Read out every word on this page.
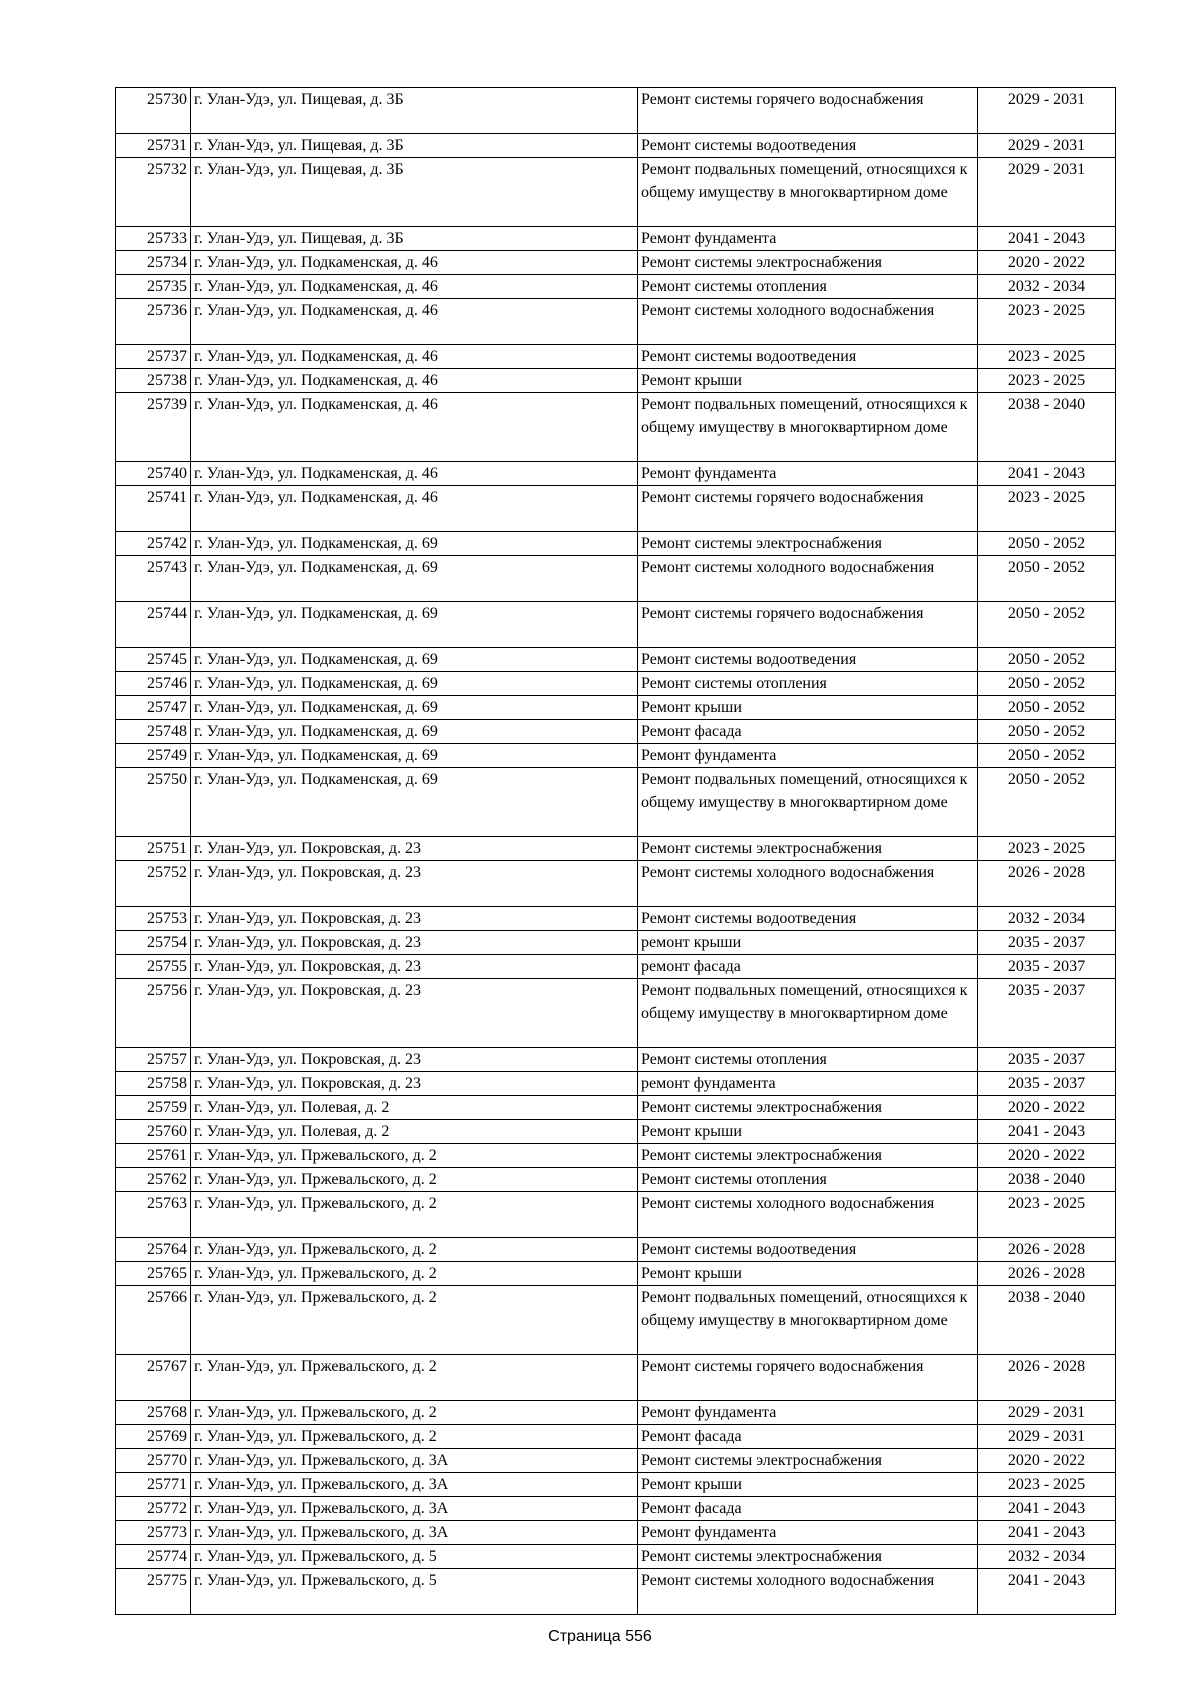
25730	г. Улан-Удэ, ул. Пищевая, д. 3Б	Ремонт системы горячего водоснабжения	2029 - 2031
25731	г. Улан-Удэ, ул. Пищевая, д. 3Б	Ремонт системы водоотведения	2029 - 2031
25732	г. Улан-Удэ, ул. Пищевая, д. 3Б	Ремонт подвальных помещений, относящихся к общему имуществу в многоквартирном доме	2029 - 2031
25733	г. Улан-Удэ, ул. Пищевая, д. 3Б	Ремонт фундамента	2041 - 2043
25734	г. Улан-Удэ, ул. Подкаменская, д. 46	Ремонт системы электроснабжения	2020 - 2022
25735	г. Улан-Удэ, ул. Подкаменская, д. 46	Ремонт системы отопления	2032 - 2034
25736	г. Улан-Удэ, ул. Подкаменская, д. 46	Ремонт системы холодного водоснабжения	2023 - 2025
25737	г. Улан-Удэ, ул. Подкаменская, д. 46	Ремонт системы водоотведения	2023 - 2025
25738	г. Улан-Удэ, ул. Подкаменская, д. 46	Ремонт крыши	2023 - 2025
25739	г. Улан-Удэ, ул. Подкаменская, д. 46	Ремонт подвальных помещений, относящихся к общему имуществу в многоквартирном доме	2038 - 2040
25740	г. Улан-Удэ, ул. Подкаменская, д. 46	Ремонт фундамента	2041 - 2043
25741	г. Улан-Удэ, ул. Подкаменская, д. 46	Ремонт системы горячего водоснабжения	2023 - 2025
25742	г. Улан-Удэ, ул. Подкаменская, д. 69	Ремонт системы электроснабжения	2050 - 2052
25743	г. Улан-Удэ, ул. Подкаменская, д. 69	Ремонт системы холодного водоснабжения	2050 - 2052
25744	г. Улан-Удэ, ул. Подкаменская, д. 69	Ремонт системы горячего водоснабжения	2050 - 2052
25745	г. Улан-Удэ, ул. Подкаменская, д. 69	Ремонт системы водоотведения	2050 - 2052
25746	г. Улан-Удэ, ул. Подкаменская, д. 69	Ремонт системы отопления	2050 - 2052
25747	г. Улан-Удэ, ул. Подкаменская, д. 69	Ремонт крыши	2050 - 2052
25748	г. Улан-Удэ, ул. Подкаменская, д. 69	Ремонт фасада	2050 - 2052
25749	г. Улан-Удэ, ул. Подкаменская, д. 69	Ремонт фундамента	2050 - 2052
25750	г. Улан-Удэ, ул. Подкаменская, д. 69	Ремонт подвальных помещений, относящихся к общему имуществу в многоквартирном доме	2050 - 2052
25751	г. Улан-Удэ, ул. Покровская, д. 23	Ремонт системы электроснабжения	2023 - 2025
25752	г. Улан-Удэ, ул. Покровская, д. 23	Ремонт системы холодного водоснабжения	2026 - 2028
25753	г. Улан-Удэ, ул. Покровская, д. 23	Ремонт системы водоотведения	2032 - 2034
25754	г. Улан-Удэ, ул. Покровская, д. 23	ремонт крыши	2035 - 2037
25755	г. Улан-Удэ, ул. Покровская, д. 23	ремонт фасада	2035 - 2037
25756	г. Улан-Удэ, ул. Покровская, д. 23	Ремонт подвальных помещений, относящихся к общему имуществу в многоквартирном доме	2035 - 2037
25757	г. Улан-Удэ, ул. Покровская, д. 23	Ремонт системы отопления	2035 - 2037
25758	г. Улан-Удэ, ул. Покровская, д. 23	ремонт фундамента	2035 - 2037
25759	г. Улан-Удэ, ул. Полевая, д. 2	Ремонт системы электроснабжения	2020 - 2022
25760	г. Улан-Удэ, ул. Полевая, д. 2	Ремонт крыши	2041 - 2043
25761	г. Улан-Удэ, ул. Пржевальского, д. 2	Ремонт системы электроснабжения	2020 - 2022
25762	г. Улан-Удэ, ул. Пржевальского, д. 2	Ремонт системы отопления	2038 - 2040
25763	г. Улан-Удэ, ул. Пржевальского, д. 2	Ремонт системы холодного водоснабжения	2023 - 2025
25764	г. Улан-Удэ, ул. Пржевальского, д. 2	Ремонт системы водоотведения	2026 - 2028
25765	г. Улан-Удэ, ул. Пржевальского, д. 2	Ремонт крыши	2026 - 2028
25766	г. Улан-Удэ, ул. Пржевальского, д. 2	Ремонт подвальных помещений, относящихся к общему имуществу в многоквартирном доме	2038 - 2040
25767	г. Улан-Удэ, ул. Пржевальского, д. 2	Ремонт системы горячего водоснабжения	2026 - 2028
25768	г. Улан-Удэ, ул. Пржевальского, д. 2	Ремонт фундамента	2029 - 2031
25769	г. Улан-Удэ, ул. Пржевальского, д. 2	Ремонт фасада	2029 - 2031
25770	г. Улан-Удэ, ул. Пржевальского, д. 3А	Ремонт системы электроснабжения	2020 - 2022
25771	г. Улан-Удэ, ул. Пржевальского, д. 3А	Ремонт крыши	2023 - 2025
25772	г. Улан-Удэ, ул. Пржевальского, д. 3А	Ремонт фасада	2041 - 2043
25773	г. Улан-Удэ, ул. Пржевальского, д. 3А	Ремонт фундамента	2041 - 2043
25774	г. Улан-Удэ, ул. Пржевальского, д. 5	Ремонт системы электроснабжения	2032 - 2034
25775	г. Улан-Удэ, ул. Пржевальского, д. 5	Ремонт системы холодного водоснабжения	2041 - 2043
Страница 556
